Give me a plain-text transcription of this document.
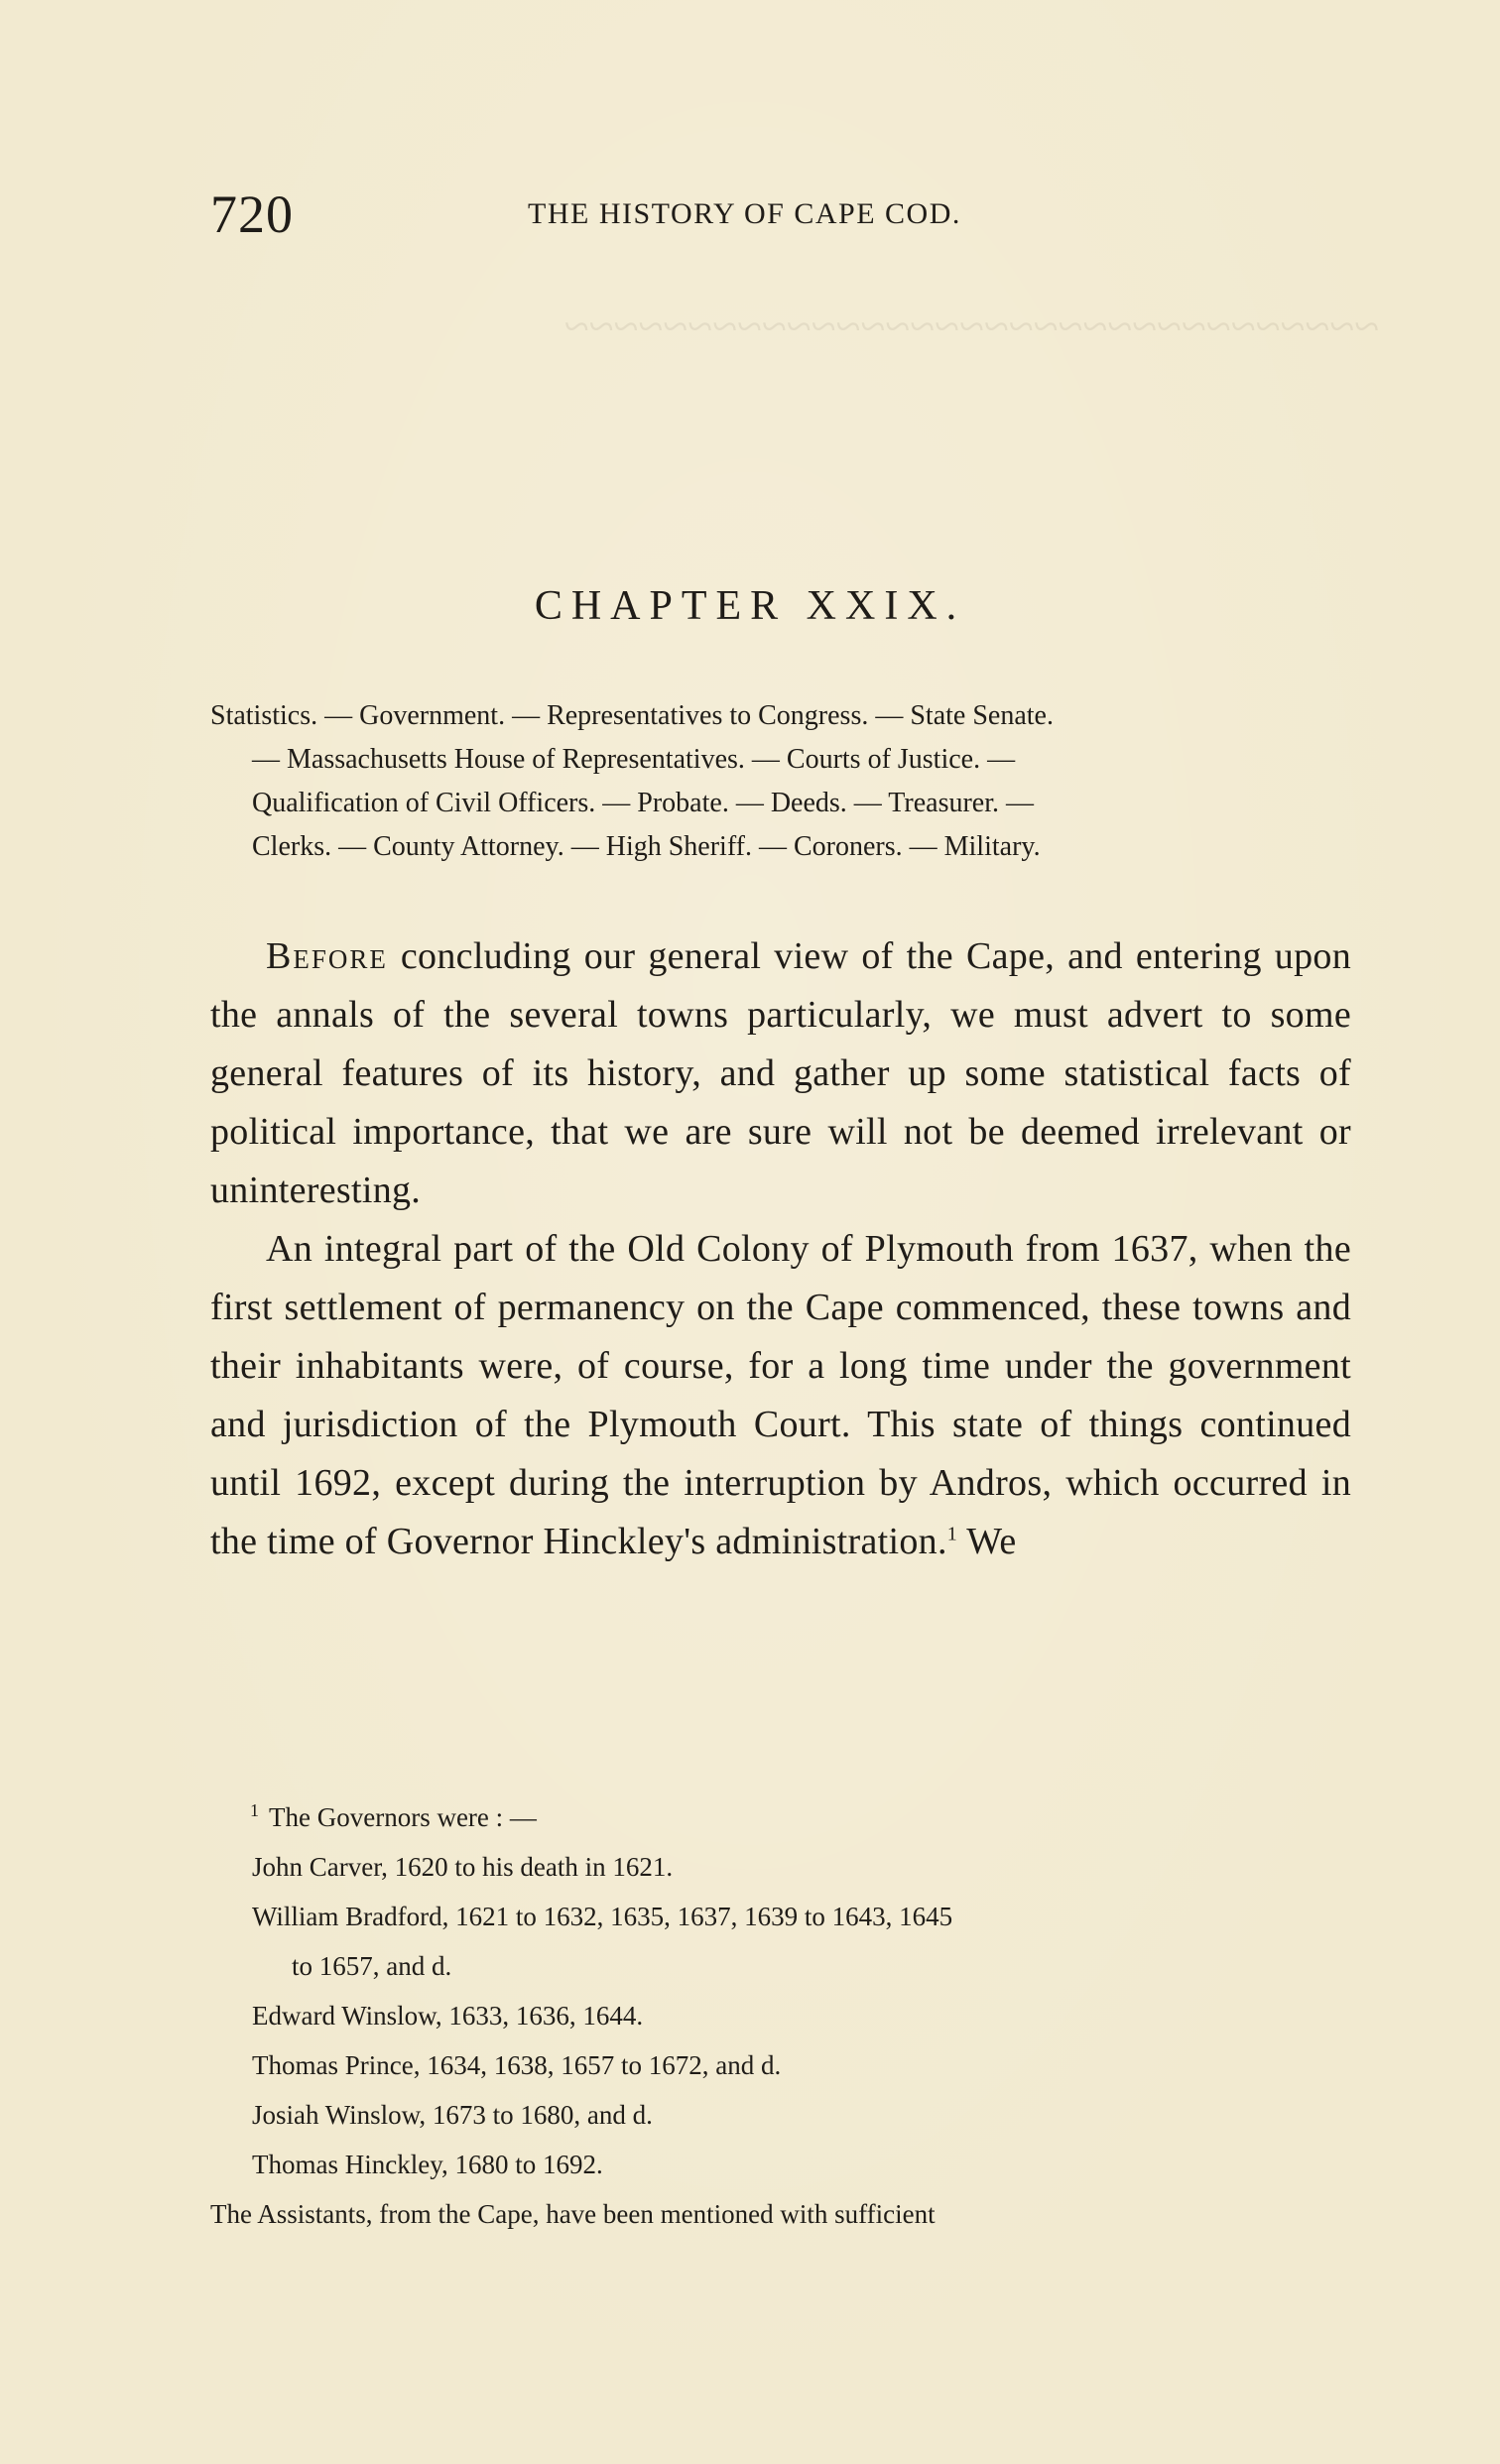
~~~~~~~~~~~~~~~~~~~~~~~~~~~~~~~~~
720	THE HISTORY OF CAPE COD.
CHAPTER XXIX.
Statistics. — Government. — Representatives to Congress. — State Senate.
— Massachusetts House of Representatives. — Courts of Justice. —
Qualification of Civil Officers. — Probate. — Deeds. — Treasurer. —
Clerks. — County Attorney. — High Sheriff. — Coroners. — Military.

Before concluding our general view of the Cape, and entering upon the annals of the several towns particularly, we must advert to some general features of its history, and gather up some statistical facts of political importance, that we are sure will not be deemed irrelevant or uninteresting.

An integral part of the Old Colony of Plymouth from 1637, when the first settlement of permanency on the Cape commenced, these towns and their inhabitants were, of course, for a long time under the government and jurisdiction of the Plymouth Court. This state of things continued until 1692, except during the interruption by Andros, which occurred in the time of Governor Hinckley's administration.$^1$ We

$^1$ The Governors were : —
John Carver, 1620 to his death in 1621.
William Bradford, 1621 to 1632, 1635, 1637, 1639 to 1643, 1645
to 1657, and d.
Edward Winslow, 1633, 1636, 1644.
Thomas Prince, 1634, 1638, 1657 to 1672, and d.
Josiah Winslow, 1673 to 1680, and d.
Thomas Hinckley, 1680 to 1692.
The Assistants, from the Cape, have been mentioned with sufficient
